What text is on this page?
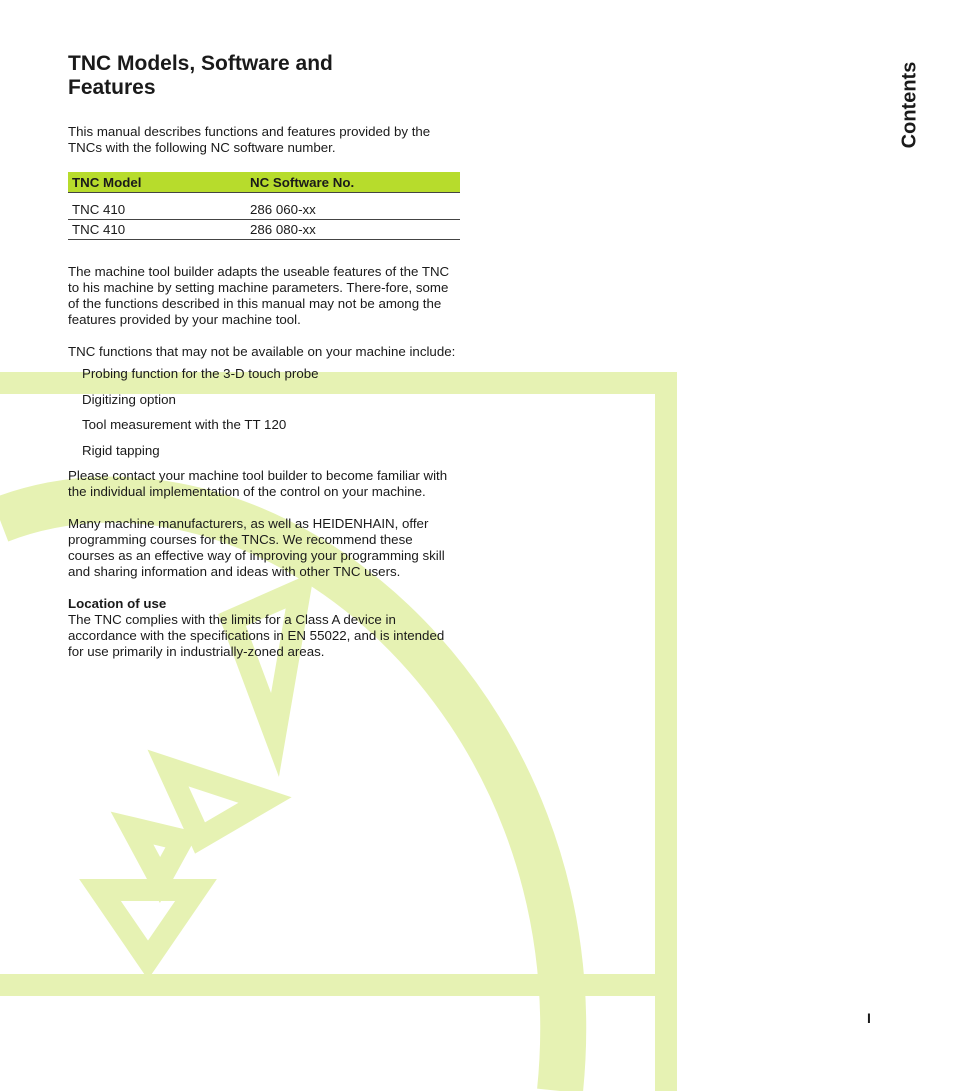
TNC Models, Software and Features

This manual describes functions and features provided by the TNCs with the following NC software number.

TNC Model	NC Software No.
TNC 410	286 060-xx
TNC 410	286 080-xx

The machine tool builder adapts the useable features of the TNC to his machine by setting machine parameters. There-fore, some of the functions described in this manual may not be among the features provided by your machine tool.

TNC functions that may not be available on your machine include:

Probing function for the 3-D touch probe
Digitizing option
Tool measurement with the TT 120
Rigid tapping

Please contact your machine tool builder to become familiar with the individual implementation of the control on your machine.

Many machine manufacturers, as well as HEIDENHAIN, offer programming courses for the TNCs. We recommend these courses as an effective way of improving your programming skill and sharing information and ideas with other TNC users.

Location of use

The TNC complies with the limits for a Class A device in accordance with the specifications in EN 55022, and is intended for use primarily in industrially-zoned areas.

Contents
I
